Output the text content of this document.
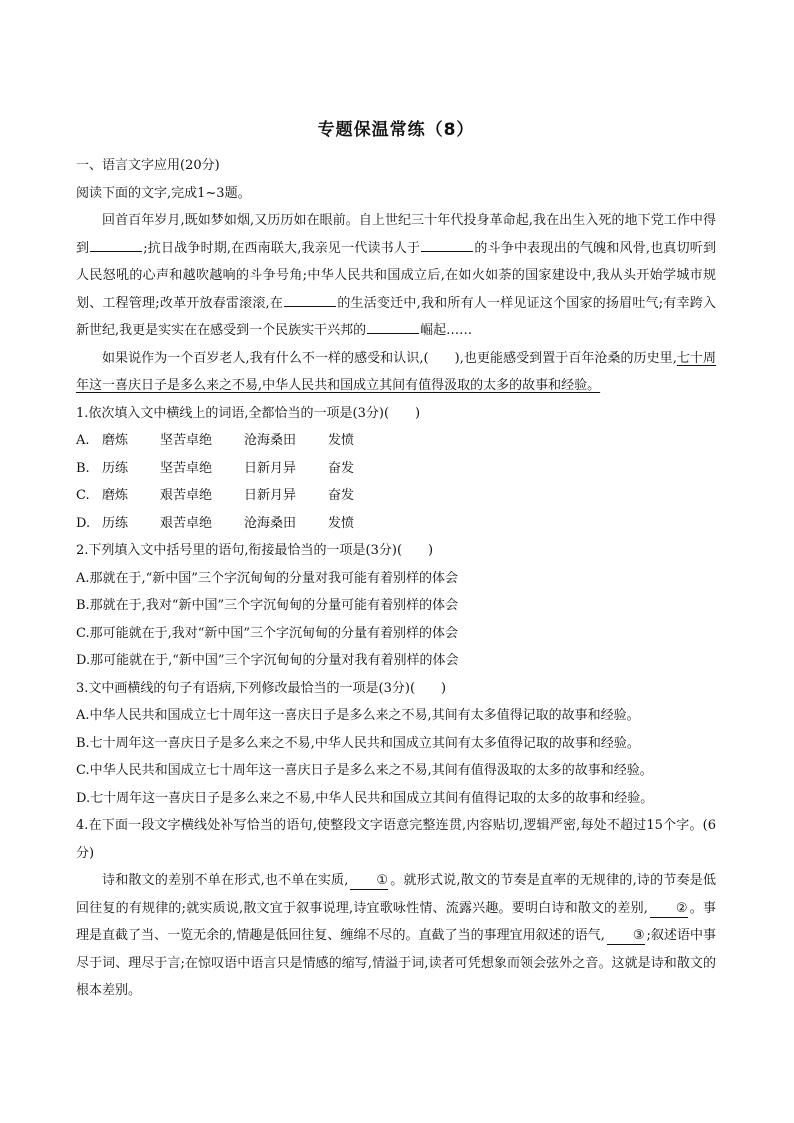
专题保温常练（8）
一、语言文字应用(20分)
阅读下面的文字,完成1~3题。
回首百年岁月,既如梦如烟,又历历如在眼前。自上世纪三十年代投身革命起,我在出生入死的地下党工作中得到	;抗日战争时期,在西南联大,我亲见一代读书人于	的斗争中表现出的气魄和风骨,也真切听到人民怒吼的心声和越吹越响的斗争号角;中华人民共和国成立后,在如火如荼的国家建设中,我从头开始学城市规划、工程管理;改革开放春雷滚滚,在	的生活变迁中,我和所有人一样见证这个国家的扬眉吐气;有幸跨入新世纪,我更是实实在在感受到一个民族实干兴邦的	崛起……
如果说作为一个百岁老人,我有什么不一样的感受和认识,(　　),也更能感受到置于百年沧桑的历史里,七十周年这一喜庆日子是多么来之不易,中华人民共和国成立其间有值得汲取的太多的故事和经验。
1.依次填入文中横线上的词语,全都恰当的一项是(3分)(　　)
A. 磨炼 坚苦卓绝 沧海桑田 发愤
B. 历练 坚苦卓绝 日新月异 奋发
C. 磨炼 艰苦卓绝 日新月异 奋发
D. 历练 艰苦卓绝 沧海桑田 发愤
2.下列填入文中括号里的语句,衔接最恰当的一项是(3分)(　　)
A.那就在于,“新中国”三个字沉甸甸的分量对我可能有着别样的体会
B.那就在于,我对“新中国”三个字沉甸甸的分量可能有着别样的体会
C.那可能就在于,我对“新中国”三个字沉甸甸的分量有着别样的体会
D.那可能就在于,“新中国”三个字沉甸甸的分量对我有着别样的体会
3.文中画横线的句子有语病,下列修改最恰当的一项是(3分)(　　)
A.中华人民共和国成立七十周年这一喜庆日子是多么来之不易,其间有太多值得记取的故事和经验。
B.七十周年这一喜庆日子是多么来之不易,中华人民共和国成立其间有太多值得记取的故事和经验。
C.中华人民共和国成立七十周年这一喜庆日子是多么来之不易,其间有值得汲取的太多的故事和经验。
D.七十周年这一喜庆日子是多么来之不易,中华人民共和国成立其间有值得记取的太多的故事和经验。
4.在下面一段文字横线处补写恰当的语句,使整段文字语意完整连贯,内容贴切,逻辑严密,每处不超过15个字。(6分)
诗和散文的差别不单在形式,也不单在实质, ① 。就形式说,散文的节奏是直率的无规律的,诗的节奏是低回往复的有规律的;就实质说,散文宜于叙事说理,诗宜歌咏性情、流露兴趣。要明白诗和散文的差别, ② 。事理是直截了当、一览无余的,情趣是低回往复、缠绵不尽的。直截了当的事理宜用叙述的语气, ③ ;叙述语中事尽于词、理尽于言;在惊叹语中语言只是情感的缩写,情溢于词,读者可凭想象而领会弦外之音。这就是诗和散文的根本差别。
